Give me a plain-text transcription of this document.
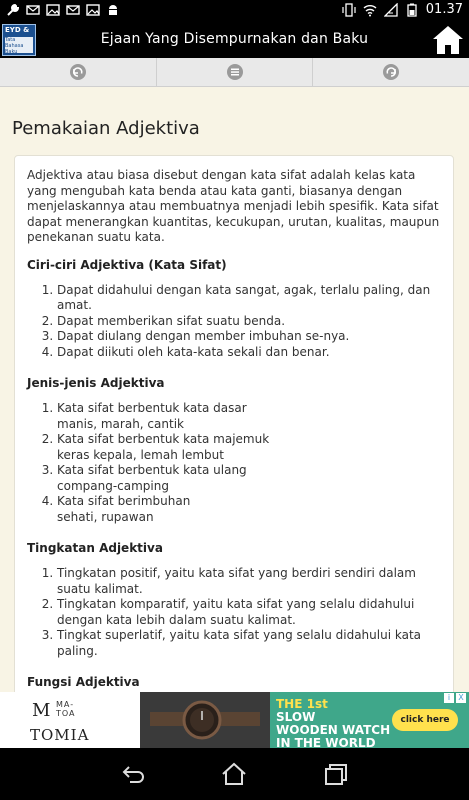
01.37
EYD &
Tata Bahasa Baku
Ejaan Yang Disempurnakan dan Baku
Pemakaian Adjektiva

Adjektiva atau biasa disebut dengan kata sifat adalah kelas kata yang mengubah kata benda atau kata ganti, biasanya dengan menjelaskannya atau membuatnya menjadi lebih spesifik. Kata sifat dapat menerangkan kuantitas, kecukupan, urutan, kualitas, maupun penekanan suatu kata.

Ciri-ciri Adjektiva (Kata Sifat)
1. Dapat didahului dengan kata sangat, agak, terlalu paling, dan amat.
2. Dapat memberikan sifat suatu benda.
3. Dapat diulang dengan member imbuhan se-nya.
4. Dapat diikuti oleh kata-kata sekali dan benar.
Jenis-jenis Adjektiva
1. Kata sifat berbentuk kata dasar
manis, marah, cantik
2. Kata sifat berbentuk kata majemuk
keras kepala, lemah lembut
3. Kata sifat berbentuk kata ulang
compang-camping
4. Kata sifat berimbuhan
sehati, rupawan
Tingkatan Adjektiva
1. Tingkatan positif, yaitu kata sifat yang berdiri sendiri dalam suatu kalimat.
2. Tingkatan komparatif, yaitu kata sifat yang selalu didahului dengan kata lebih dalam suatu kalimat.
3. Tingkat superlatif, yaitu kata sifat yang selalu didahului kata paling.
Fungsi Adjektiva
M MA-
TOA
TOMIA
THE 1st
SLOW
WOODEN WATCH
IN THE WORLD
click here
i	X
